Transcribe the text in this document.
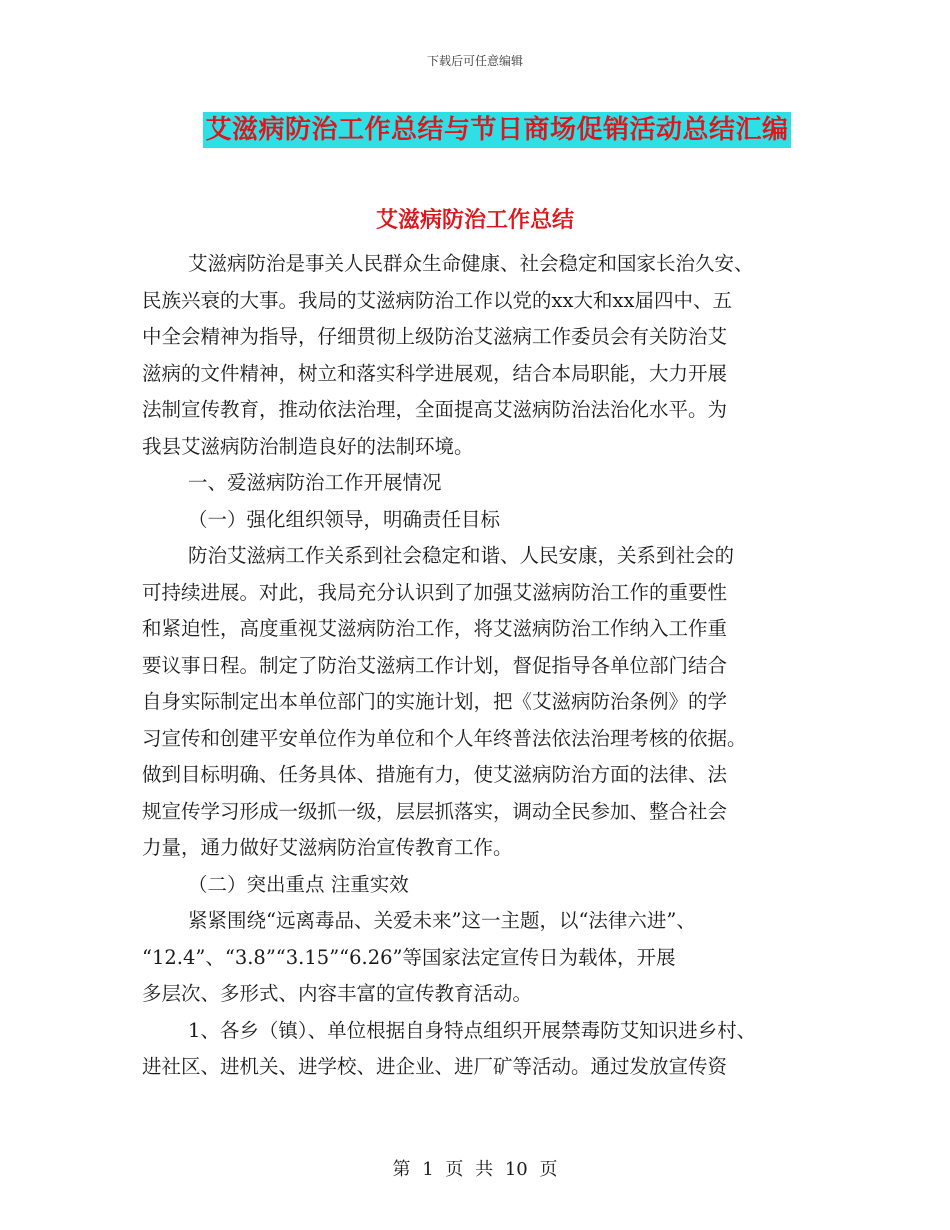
下载后可任意编辑
艾滋病防治工作总结与节日商场促销活动总结汇编
艾滋病防治工作总结
艾滋病防治是事关人民群众生命健康、社会稳定和国家长治久安、
民族兴衰的大事。我局的艾滋病防治工作以党的xx大和xx届四中、五
中全会精神为指导，仔细贯彻上级防治艾滋病工作委员会有关防治艾
滋病的文件精神，树立和落实科学进展观，结合本局职能，大力开展
法制宣传教育，推动依法治理，全面提高艾滋病防治法治化水平。为
我县艾滋病防治制造良好的法制环境。
一、爱滋病防治工作开展情况
（一）强化组织领导，明确责任目标
防治艾滋病工作关系到社会稳定和谐、人民安康，关系到社会的
可持续进展。对此，我局充分认识到了加强艾滋病防治工作的重要性
和紧迫性，高度重视艾滋病防治工作，将艾滋病防治工作纳入工作重
要议事日程。制定了防治艾滋病工作计划，督促指导各单位部门结合
自身实际制定出本单位部门的实施计划，把《艾滋病防治条例》的学
习宣传和创建平安单位作为单位和个人年终普法依法治理考核的依据。
做到目标明确、任务具体、措施有力，使艾滋病防治方面的法律、法
规宣传学习形成一级抓一级，层层抓落实，调动全民参加、整合社会
力量，通力做好艾滋病防治宣传教育工作。
（二）突出重点 注重实效
紧紧围绕“远离毒品、关爱未来”这一主题，以“法律六进”、
“12.4”、“3.8”“3.15”“6.26”等国家法定宣传日为载体，开展
多层次、多形式、内容丰富的宣传教育活动。
1、各乡（镇）、单位根据自身特点组织开展禁毒防艾知识进乡村、
进社区、进机关、进学校、进企业、进厂矿等活动。通过发放宣传资
第 1 页 共 10 页
